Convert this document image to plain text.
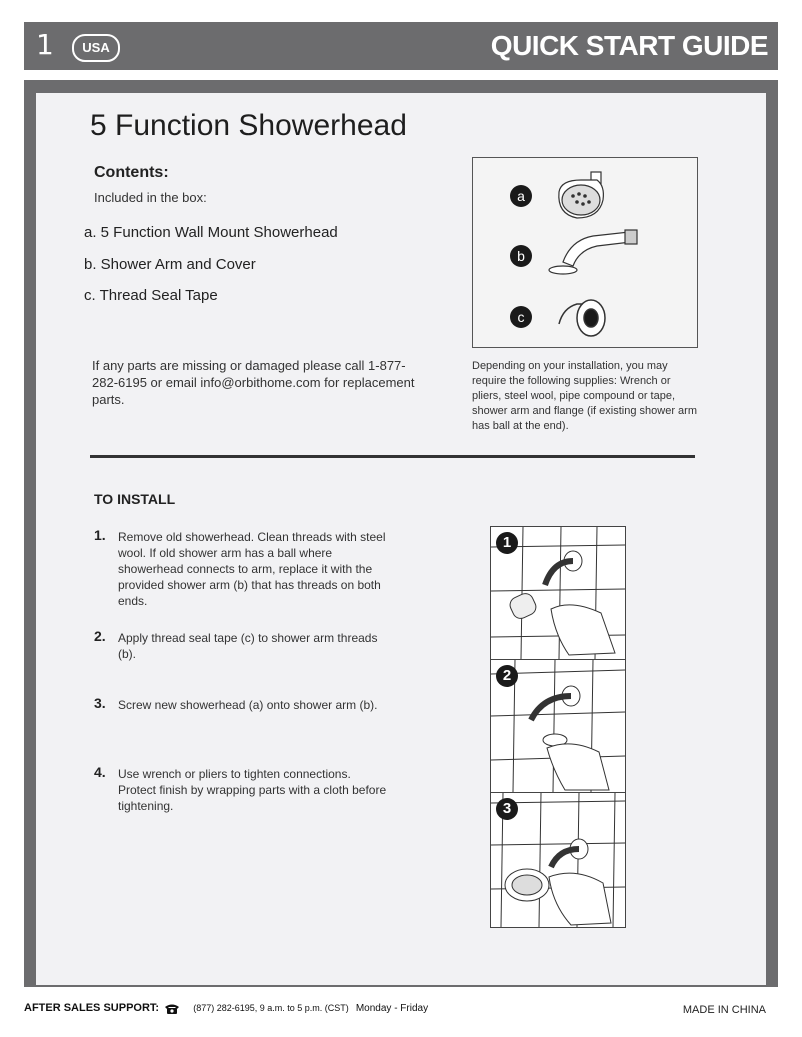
1	USA	QUICK START GUIDE
5 Function Showerhead
Contents:
Included in the box:
a. 5 Function Wall Mount Showerhead
b. Shower Arm and Cover
c. Thread Seal Tape
If any parts are missing or damaged please call 1-877-282-6195 or email info@orbithome.com for replacement parts.
a
b
c
Depending on your installation, you may require the following supplies: Wrench or pliers, steel wool, pipe compound or tape, shower arm and flange (if existing shower arm has ball at the end).
TO INSTALL
1. Remove old showerhead. Clean threads with steel wool. If old shower arm has a ball where showerhead connects to arm, replace it with the provided shower arm (b) that has threads on both ends.
2. Apply thread seal tape (c) to shower arm threads (b).
3. Screw new showerhead (a) onto shower arm (b).
4. Use wrench or pliers to tighten connections. Protect finish by wrapping parts with a cloth before tightening.
1
2
3
AFTER SALES SUPPORT:	(877) 282-6195, 9 a.m. to 5 p.m. (CST) Monday - Friday	MADE IN CHINA
